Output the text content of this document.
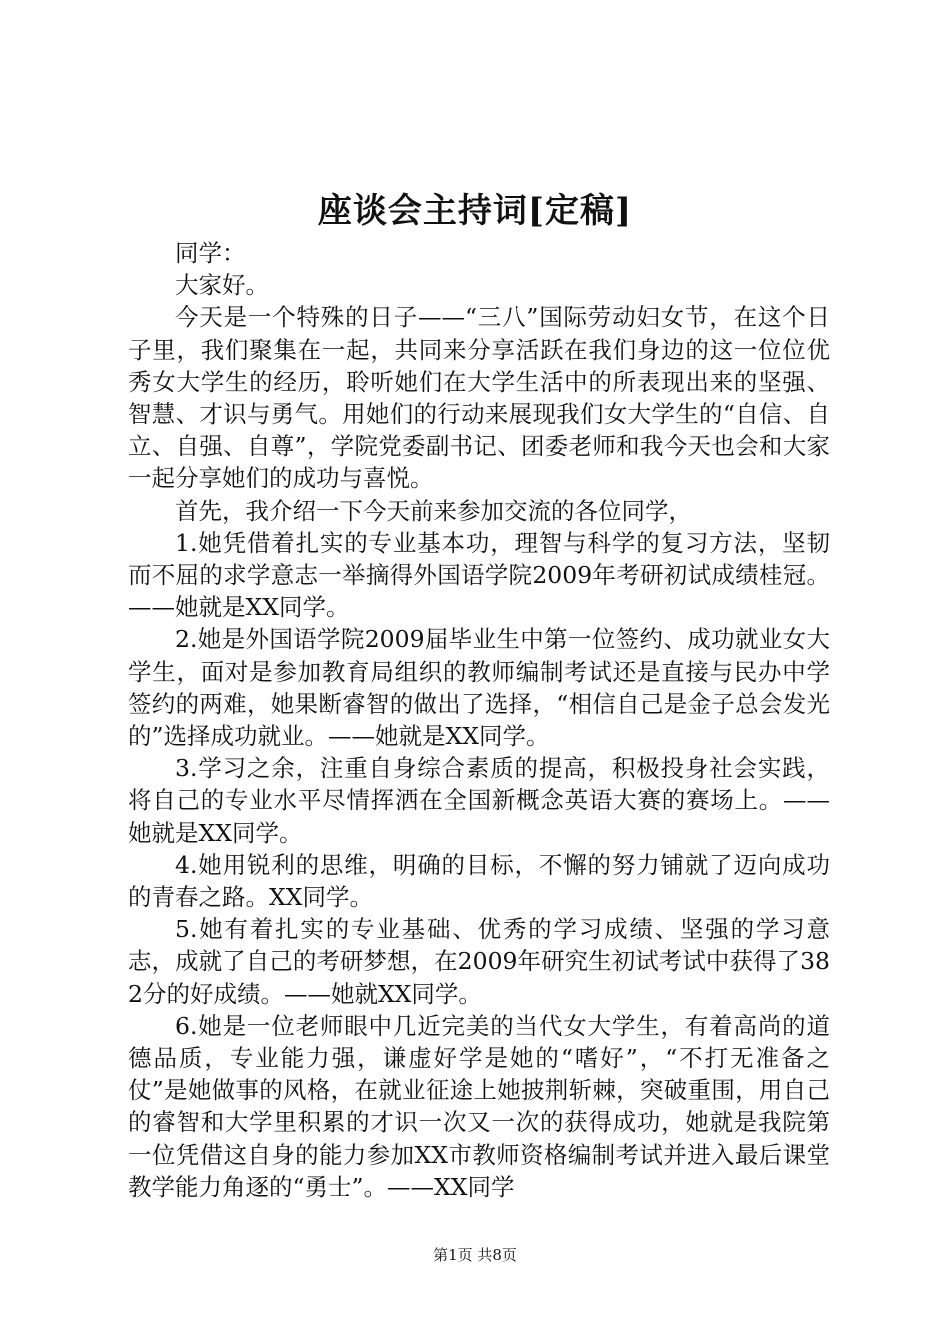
座谈会主持词[定稿]

同学：

大家好。

今天是一个特殊的日子——“三八”国际劳动妇女节，在这个日子里，我们聚集在一起，共同来分享活跃在我们身边的这一位位优秀女大学生的经历，聆听她们在大学生活中的所表现出来的坚强、智慧、才识与勇气。用她们的行动来展现我们女大学生的“自信、自立、自强、自尊”，学院党委副书记、团委老师和我今天也会和大家一起分享她们的成功与喜悦。

首先，我介绍一下今天前来参加交流的各位同学，

1.她凭借着扎实的专业基本功，理智与科学的复习方法，坚韧而不屈的求学意志一举摘得外国语学院2009年考研初试成绩桂冠。——她就是XX同学。

2.她是外国语学院2009届毕业生中第一位签约、成功就业女大学生，面对是参加教育局组织的教师编制考试还是直接与民办中学签约的两难，她果断睿智的做出了选择，“相信自己是金子总会发光的”选择成功就业。——她就是XX同学。

3.学习之余，注重自身综合素质的提高，积极投身社会实践，将自己的专业水平尽情挥洒在全国新概念英语大赛的赛场上。——她就是XX同学。

4.她用锐利的思维，明确的目标，不懈的努力铺就了迈向成功的青春之路。XX同学。

5.她有着扎实的专业基础、优秀的学习成绩、坚强的学习意志，成就了自己的考研梦想，在2009年研究生初试考试中获得了382分的好成绩。——她就XX同学。

6.她是一位老师眼中几近完美的当代女大学生，有着高尚的道德品质，专业能力强，谦虚好学是她的“嗜好”，“不打无准备之仗”是她做事的风格，在就业征途上她披荆斩棘，突破重围，用自己的睿智和大学里积累的才识一次又一次的获得成功，她就是我院第一位凭借这自身的能力参加XX市教师资格编制考试并进入最后课堂教学能力角逐的“勇士”。——XX同学

第1页 共8页
